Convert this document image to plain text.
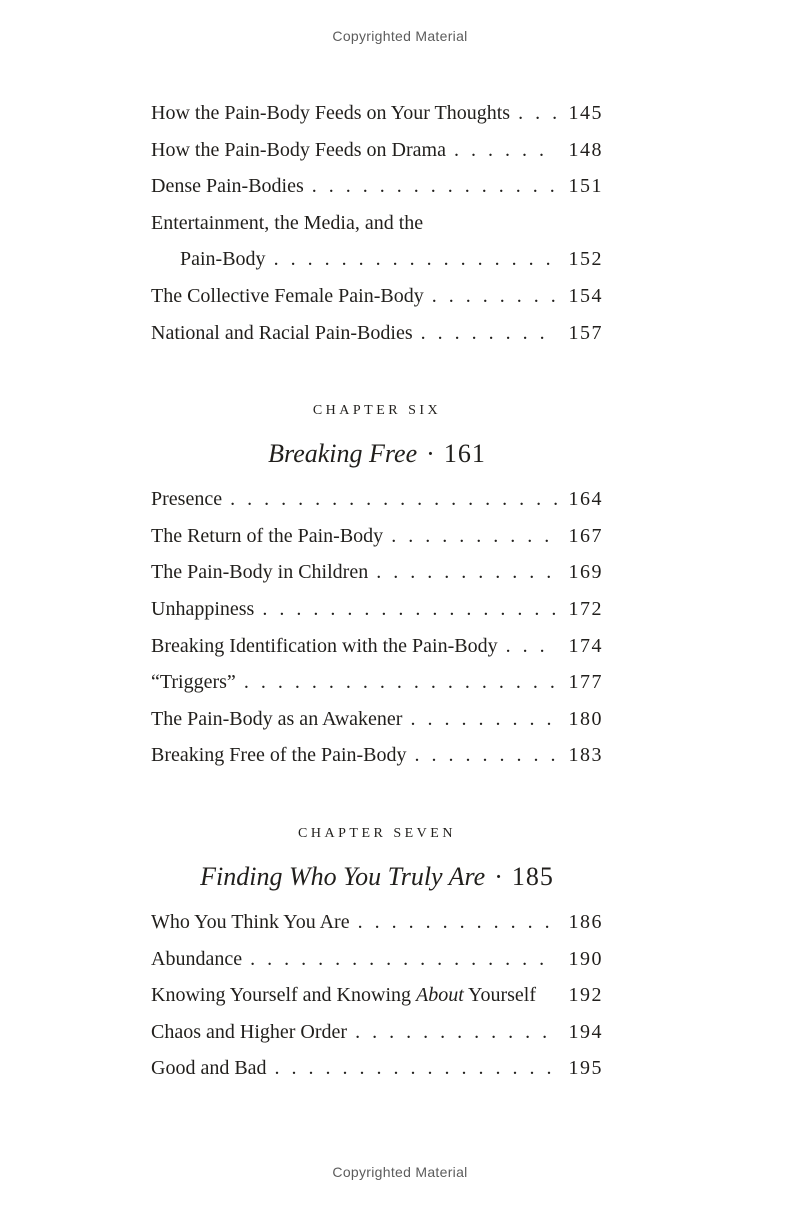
Copyrighted Material
How the Pain-Body Feeds on Your Thoughts . . .	145
How the Pain-Body Feeds on Drama . . .	148
Dense Pain-Bodies . . .	151
Entertainment, the Media, and the
Pain-Body . . .	152
The Collective Female Pain-Body . . .	154
National and Racial Pain-Bodies . . .	157
CHAPTER SIX
Breaking Free · 161
Presence . . .	164
The Return of the Pain-Body . . .	167
The Pain-Body in Children . . .	169
Unhappiness . . .	172
Breaking Identification with the Pain-Body . . .	174
“Triggers” . . .	177
The Pain-Body as an Awakener . . .	180
Breaking Free of the Pain-Body . . .	183
CHAPTER SEVEN
Finding Who You Truly Are · 185
Who You Think You Are . . .	186
Abundance . . .	190
Knowing Yourself and Knowing About Yourself 192
Chaos and Higher Order . . .	194
Good and Bad . . .	195
Copyrighted Material
